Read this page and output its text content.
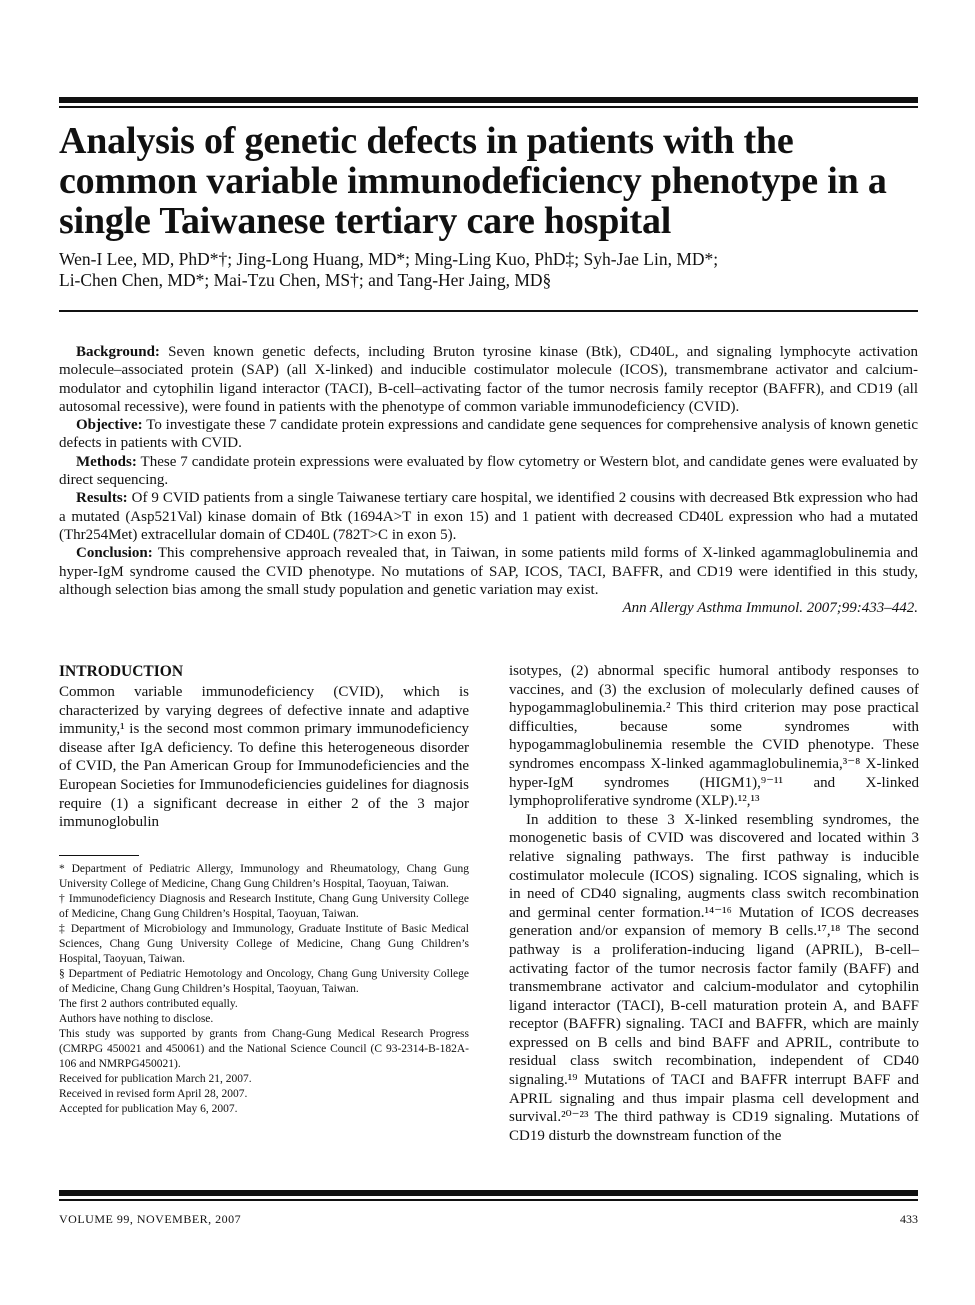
Analysis of genetic defects in patients with the common variable immunodeficiency phenotype in a single Taiwanese tertiary care hospital
Wen-I Lee, MD, PhD*†; Jing-Long Huang, MD*; Ming-Ling Kuo, PhD‡; Syh-Jae Lin, MD*;
Li-Chen Chen, MD*; Mai-Tzu Chen, MS†; and Tang-Her Jaing, MD§

Background: Seven known genetic defects, including Bruton tyrosine kinase (Btk), CD40L, and signaling lymphocyte activation molecule–associated protein (SAP) (all X-linked) and inducible costimulator molecule (ICOS), transmembrane activator and calcium-modulator and cytophilin ligand interactor (TACI), B-cell–activating factor of the tumor necrosis family receptor (BAFFR), and CD19 (all autosomal recessive), were found in patients with the phenotype of common variable immunodeficiency (CVID).

Objective: To investigate these 7 candidate protein expressions and candidate gene sequences for comprehensive analysis of known genetic defects in patients with CVID.

Methods: These 7 candidate protein expressions were evaluated by flow cytometry or Western blot, and candidate genes were evaluated by direct sequencing.

Results: Of 9 CVID patients from a single Taiwanese tertiary care hospital, we identified 2 cousins with decreased Btk expression who had a mutated (Asp521Val) kinase domain of Btk (1694A>T in exon 15) and 1 patient with decreased CD40L expression who had a mutated (Thr254Met) extracellular domain of CD40L (782T>C in exon 5).

Conclusion: This comprehensive approach revealed that, in Taiwan, in some patients mild forms of X-linked agammaglobulinemia and hyper-IgM syndrome caused the CVID phenotype. No mutations of SAP, ICOS, TACI, BAFFR, and CD19 were identified in this study, although selection bias among the small study population and genetic variation may exist.

Ann Allergy Asthma Immunol. 2007;99:433–442.

INTRODUCTION

Common variable immunodeficiency (CVID), which is characterized by varying degrees of defective innate and adaptive immunity,¹ is the second most common primary immunodeficiency disease after IgA deficiency. To define this heterogeneous disorder of CVID, the Pan American Group for Immunodeficiencies and the European Societies for Immunodeficiencies guidelines for diagnosis require (1) a significant decrease in either 2 of the 3 major immunoglobulin

isotypes, (2) abnormal specific humoral antibody responses to vaccines, and (3) the exclusion of molecularly defined causes of hypogammaglobulinemia.² This third criterion may pose practical difficulties, because some syndromes with hypogammaglobulinemia resemble the CVID phenotype. These syndromes encompass X-linked agammaglobulinemia,³⁻⁸ X-linked hyper-IgM syndromes (HIGM1),⁹⁻¹¹ and X-linked lymphoproliferative syndrome (XLP).¹²,¹³

In addition to these 3 X-linked resembling syndromes, the monogenetic basis of CVID was discovered and located within 3 relative signaling pathways. The first pathway is inducible costimulator molecule (ICOS) signaling. ICOS signaling, which is in need of CD40 signaling, augments class switch recombination and germinal center formation.¹⁴⁻¹⁶ Mutation of ICOS decreases generation and/or expansion of memory B cells.¹⁷,¹⁸ The second pathway is a proliferation-inducing ligand (APRIL), B-cell–activating factor of the tumor necrosis factor family (BAFF) and transmembrane activator and calcium-modulator and cytophilin ligand interactor (TACI), B-cell maturation protein A, and BAFF receptor (BAFFR) signaling. TACI and BAFFR, which are mainly expressed on B cells and bind BAFF and APRIL, contribute to residual class switch recombination, independent of CD40 signaling.¹⁹ Mutations of TACI and BAFFR interrupt BAFF and APRIL signaling and thus impair plasma cell development and survival.²⁰⁻²³ The third pathway is CD19 signaling. Mutations of CD19 disturb the downstream function of the

* Department of Pediatric Allergy, Immunology and Rheumatology, Chang Gung University College of Medicine, Chang Gung Children’s Hospital, Taoyuan, Taiwan.

† Immunodeficiency Diagnosis and Research Institute, Chang Gung University College of Medicine, Chang Gung Children’s Hospital, Taoyuan, Taiwan.

‡ Department of Microbiology and Immunology, Graduate Institute of Basic Medical Sciences, Chang Gung University College of Medicine, Chang Gung Children’s Hospital, Taoyuan, Taiwan.

§ Department of Pediatric Hemotology and Oncology, Chang Gung University College of Medicine, Chang Gung Children’s Hospital, Taoyuan, Taiwan.

The first 2 authors contributed equally.

Authors have nothing to disclose.

This study was supported by grants from Chang-Gung Medical Research Progress (CMRPG 450021 and 450061) and the National Science Council (C 93-2314-B-182A-106 and NMRPG450021).

Received for publication March 21, 2007.

Received in revised form April 28, 2007.

Accepted for publication May 6, 2007.

VOLUME 99, NOVEMBER, 2007	433
